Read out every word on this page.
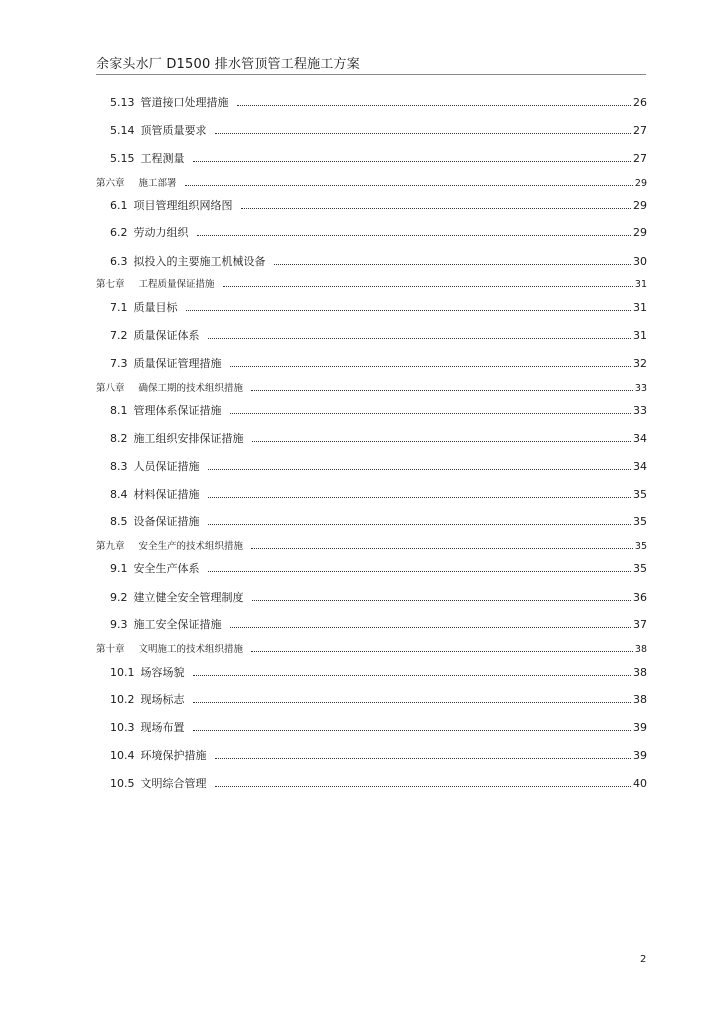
余家头水厂 D1500 排水管顶管工程施工方案
5.13 管道接口处理措施	26
5.14 顶管质量要求	27
5.15 工程测量	27
第六章 施工部署	29
6.1 项目管理组织网络图	29
6.2 劳动力组织	29
6.3 拟投入的主要施工机械设备	30
第七章 工程质量保证措施	31
7.1 质量目标	31
7.2 质量保证体系	31
7.3 质量保证管理措施	32
第八章 确保工期的技术组织措施	33
8.1 管理体系保证措施	33
8.2 施工组织安排保证措施	34
8.3 人员保证措施	34
8.4 材料保证措施	35
8.5 设备保证措施	35
第九章 安全生产的技术组织措施	35
9.1 安全生产体系	35
9.2 建立健全安全管理制度	36
9.3 施工安全保证措施	37
第十章 文明施工的技术组织措施	38
10.1 场容场貌	38
10.2 现场标志	38
10.3 现场布置	39
10.4 环境保护措施	39
10.5 文明综合管理	40
2
